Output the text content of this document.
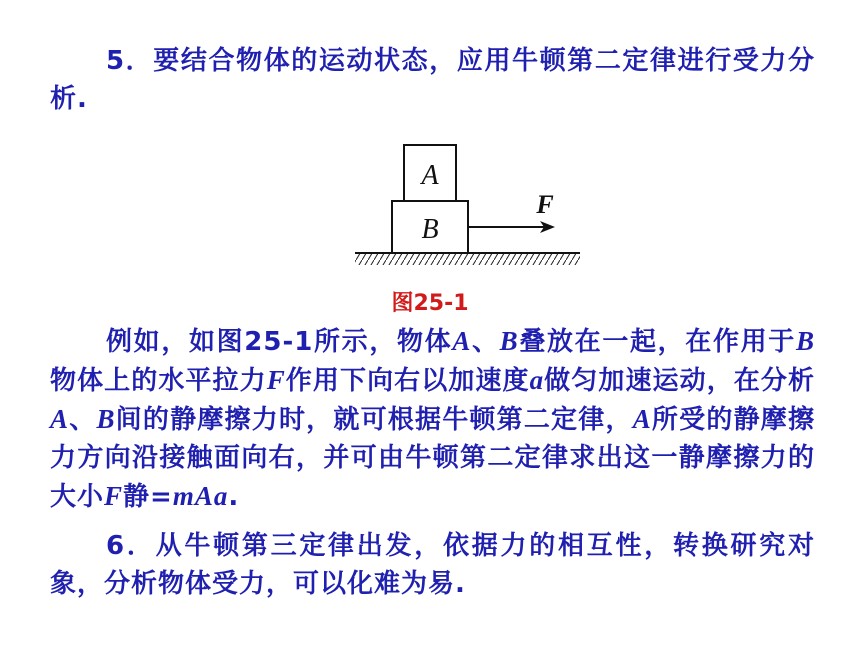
5．要结合物体的运动状态，应用牛顿第二定律进行受力分析.

A
B
F
图25-1

例如，如图25-1所示，物体A、B叠放在一起，在作用于B物体上的水平拉力F作用下向右以加速度a做匀加速运动，在分析A、B间的静摩擦力时，就可根据牛顿第二定律，A所受的静摩擦力方向沿接触面向右，并可由牛顿第二定律求出这一静摩擦力的大小F静=mAa.

6．从牛顿第三定律出发，依据力的相互性，转换研究对象，分析物体受力，可以化难为易.
